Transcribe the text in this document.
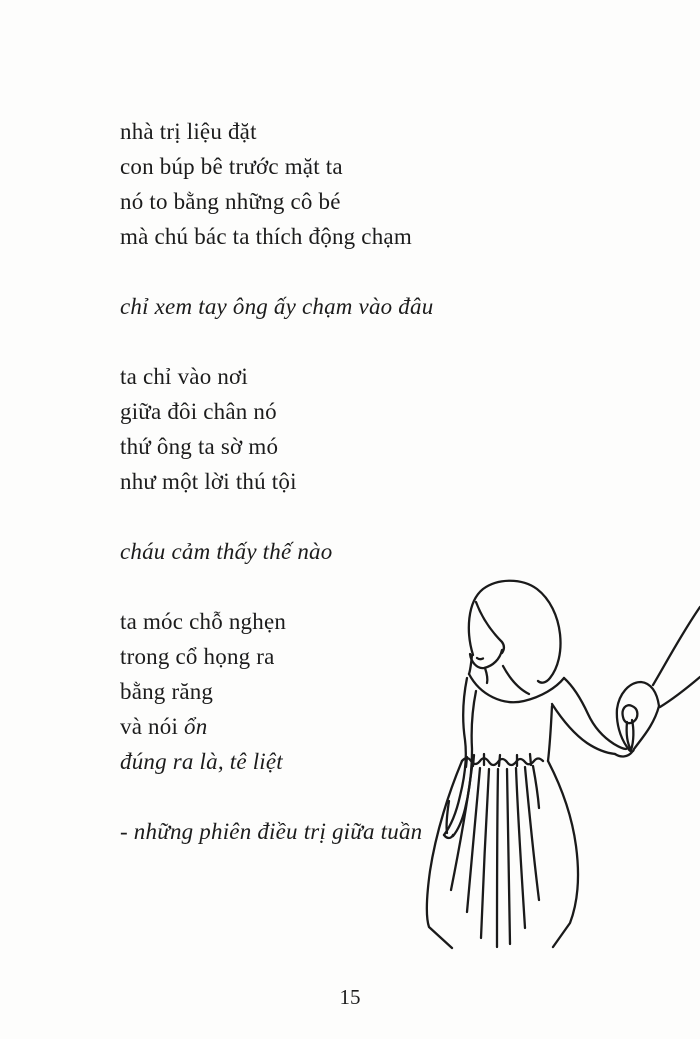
nhà trị liệu đặt
con búp bê trước mặt ta
nó to bằng những cô bé
mà chú bác ta thích động chạm

chỉ xem tay ông ấy chạm vào đâu

ta chỉ vào nơi
giữa đôi chân nó
thứ ông ta sờ mó
như một lời thú tội

cháu cảm thấy thế nào

ta móc chỗ nghẹn
trong cổ họng ra
bằng răng
và nói ổn
đúng ra là, tê liệt

- những phiên điều trị giữa tuần

15
